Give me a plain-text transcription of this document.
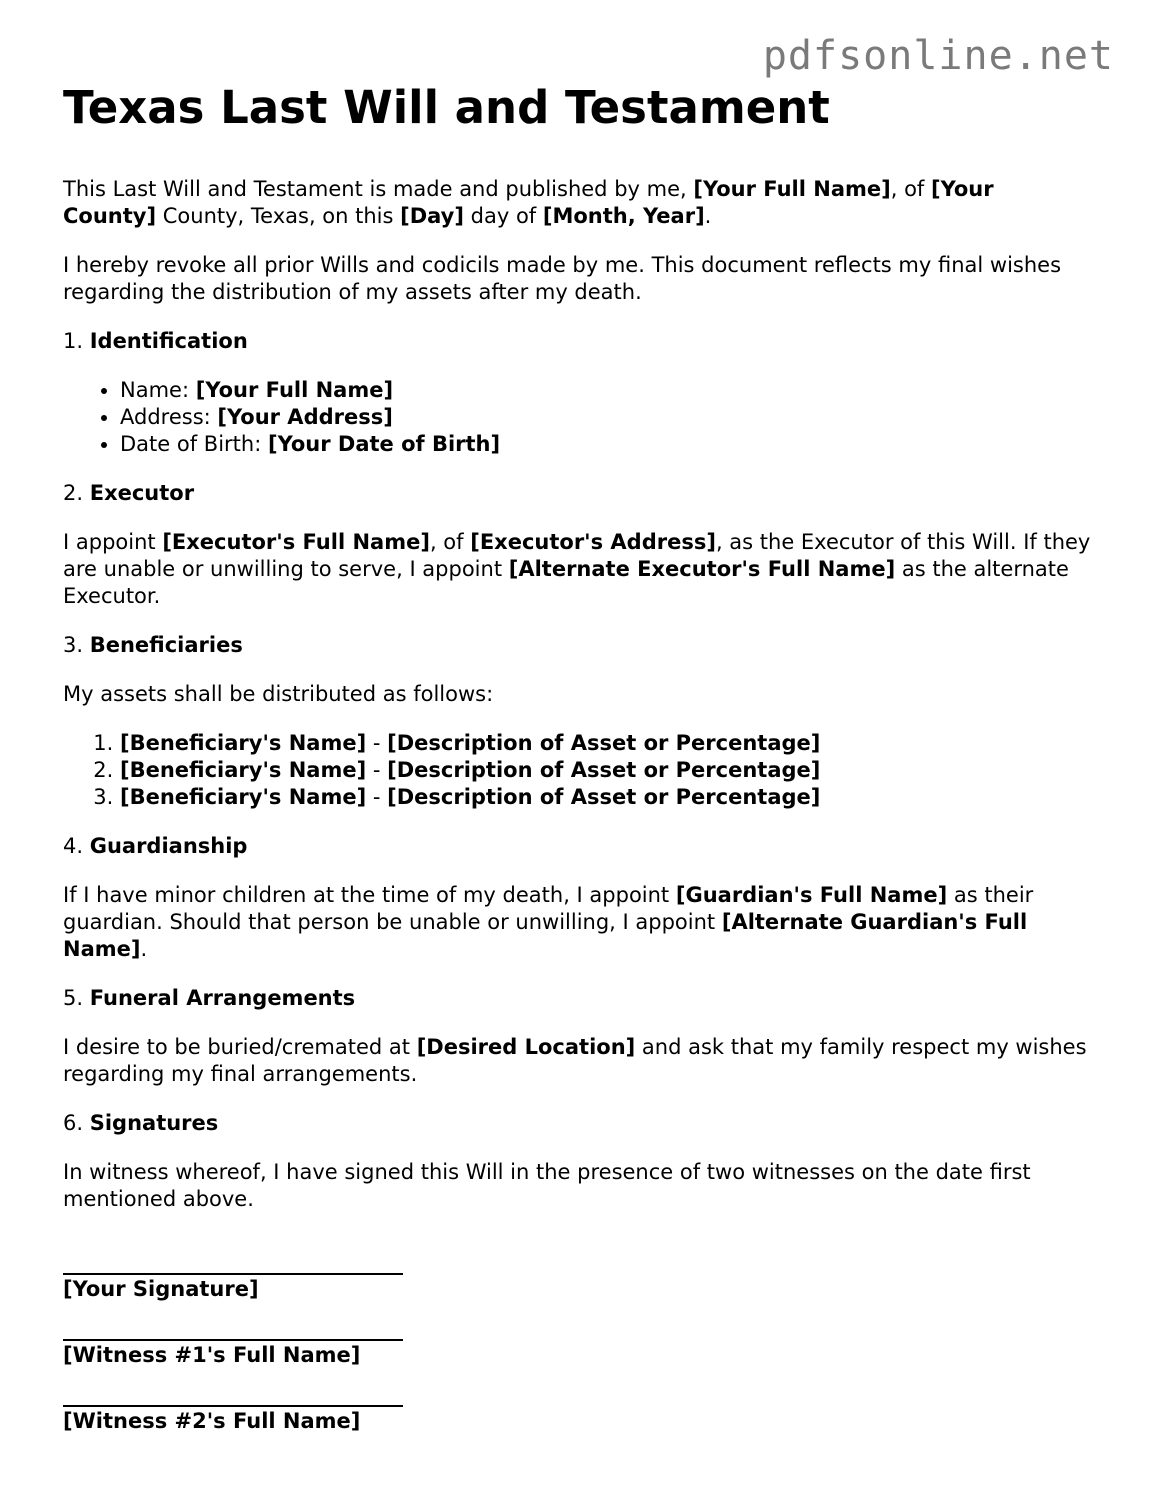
pdfsonline.net
Texas Last Will and Testament

This Last Will and Testament is made and published by me, [Your Full Name], of [Your County] County, Texas, on this [Day] day of [Month, Year].

I hereby revoke all prior Wills and codicils made by me. This document reflects my final wishes regarding the distribution of my assets after my death.

1. Identification
• Name: [Your Full Name]
• Address: [Your Address]
• Date of Birth: [Your Date of Birth]
2. Executor

I appoint [Executor's Full Name], of [Executor's Address], as the Executor of this Will. If they are unable or unwilling to serve, I appoint [Alternate Executor's Full Name] as the alternate Executor.

3. Beneficiaries

My assets shall be distributed as follows:

1. [Beneficiary's Name] - [Description of Asset or Percentage]
2. [Beneficiary's Name] - [Description of Asset or Percentage]
3. [Beneficiary's Name] - [Description of Asset or Percentage]
4. Guardianship

If I have minor children at the time of my death, I appoint [Guardian's Full Name] as their guardian. Should that person be unable or unwilling, I appoint [Alternate Guardian's Full Name].

5. Funeral Arrangements

I desire to be buried/cremated at [Desired Location] and ask that my family respect my wishes regarding my final arrangements.

6. Signatures

In witness whereof, I have signed this Will in the presence of two witnesses on the date first mentioned above.

[Your Signature]
[Witness #1's Full Name]
[Witness #2's Full Name]
